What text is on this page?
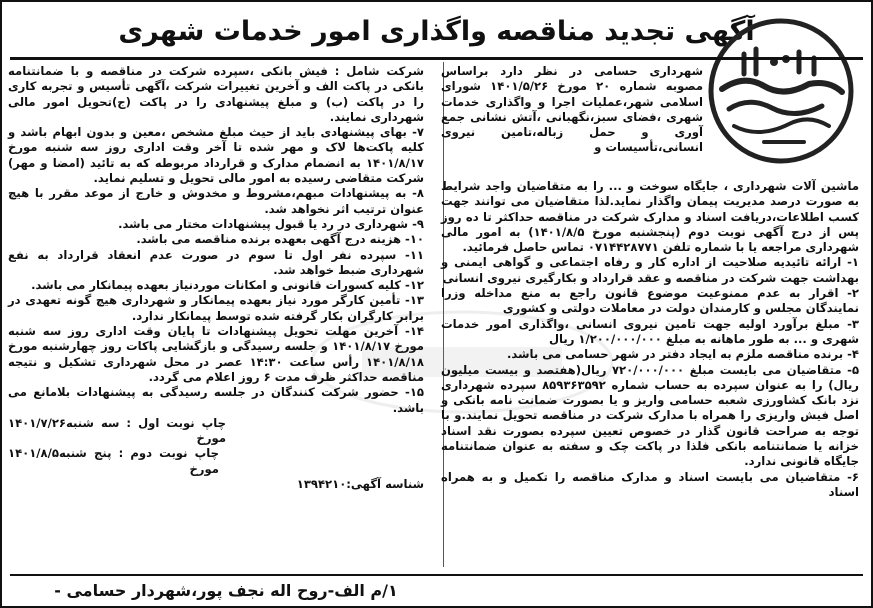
آگهی تجدید مناقصه واگذاری امور خدمات شهری

شهرداری حسامی در نظر دارد براساس مصوبه شماره ۲۰ مورخ ۱۴۰۱/۵/۲۶ شورای اسلامی شهر،عملیات اجرا و واگذاری خدمات شهری ،فضای سبز،نگهبانی ،آتش نشانی جمع آوری و حمل زباله،تامین نیروی انسانی،تأسیسات و

ماشین آلات شهرداری ، جایگاه سوخت و ... را به متقاضیان واجد شرایط به صورت درصد مدیریت پیمان واگذار نماید.لذا متقاضیان می توانند جهت کسب اطلاعات،دریافت اسناد و مدارک شرکت در مناقصه حداکثر تا ده روز پس از درج آگهی نوبت دوم (پنجشنبه مورخ ۱۴۰۱/۸/۵) به امور مالی شهرداری مراجعه یا با شماره تلفن ۰۷۱۴۴۲۸۷۷۱ تماس حاصل فرمائید.

۱- ارائه تائیدیه صلاحیت از اداره کار و رفاه اجتماعی و گواهی ایمنی و بهداشت جهت شرکت در مناقصه و عقد قرارداد و بکارگیری نیروی انسانی

۲- اقرار به عدم ممنوعیت موضوع قانون راجع به منع مداخله وزرا نمایندگان مجلس و کارمندان دولت در معاملات دولتی و کشوری

۳- مبلغ برآورد اولیه جهت تامین نیروی انسانی ،واگذاری امور خدمات شهری و ... به طور ماهانه به مبلغ ۱/۲۰۰/۰۰۰/۰۰۰ ریال

۴- برنده مناقصه ملزم به ایجاد دفتر در شهر حسامی می باشد.

۵- متقاضیان می بایست مبلغ ۷۲۰/۰۰۰/۰۰۰ ریال(هفتصد و بیست میلیون ریال) را به عنوان سپرده به حساب شماره ۸۵۹۳۶۳۵۹۲ سپرده شهرداری نزد بانک کشاورزی شعبه حسامی واریز و یا بصورت ضمانت نامه بانکی و اصل فیش واریزی را همراه با مدارک شرکت در مناقصه تحویل نمایند.و با توجه به صراحت قانون گذار در خصوص تعیین سپرده بصورت نقد اسناد خزانه یا ضمانتنامه بانکی فلذا در پاکت چک و سفته به عنوان ضمانتنامه جایگاه قانونی ندارد.

۶- متقاضیان می بایست اسناد و مدارک مناقصه را تکمیل و به همراه اسناد

شرکت شامل : فیش بانکی ،سپرده شرکت در مناقصه و با ضمانتنامه بانکی در پاکت الف و آخرین تغییرات شرکت ،آگهی تأسیس و تجربه کاری را در پاکت (ب) و مبلغ پیشنهادی را در پاکت (ج)تحویل امور مالی شهرداری نمایند.

۷- بهای پیشنهادی باید از حیث مبلغ مشخص ،معین و بدون ابهام باشد و کلیه پاکت‌ها لاک و مهر شده تا آخر وقت اداری روز سه شنبه مورخ ۱۴۰۱/۸/۱۷ به انضمام مدارک و قرارداد مربوطه که به تائید (امضا و مهر) شرکت متقاضی رسیده به امور مالی تحویل و تسلیم نماید.

۸- به پیشنهادات مبهم،مشروط و مخدوش و خارج از موعد مقرر با هیچ عنوان ترتیب اثر نخواهد شد.

۹- شهرداری در رد یا قبول پیشنهادات مختار می باشد.

۱۰- هزینه درج آگهی بعهده برنده مناقصه می باشد.

۱۱- سپرده نفر اول تا سوم در صورت عدم انعقاد قرارداد به نفع شهرداری ضبط خواهد شد.

۱۲- کلیه کسورات قانونی و امکانات موردنیاز بعهده پیمانکار می باشد.

۱۳- تأمین کارگر مورد نیاز بعهده پیمانکار و شهرداری هیچ گونه تعهدی در برابر کارگران بکار گرفته شده توسط پیمانکار ندارد.

۱۴- آخرین مهلت تحویل پیشنهادات تا پایان وقت اداری روز سه شنبه مورخ ۱۴۰۱/۸/۱۷ و جلسه رسیدگی و بازگشایی پاکات روز چهارشنبه مورخ ۱۴۰۱/۸/۱۸ رأس ساعت ۱۴:۳۰ عصر در محل شهرداری تشکیل و نتیجه مناقصه حداکثر ظرف مدت ۶ روز اعلام می گردد.

۱۵- حضور شرکت کنندگان در جلسه رسیدگی به پیشنهادات بلامانع می باشد.

چاپ نوبت اول : سه شنبه مورخ
۱۴۰۱/۷/۲۶
چاپ نوبت دوم : پنج شنبه مورخ
۱۴۰۱/۸/۵

شناسه آگهی:۱۳۹۴۲۱۰

۱/م الف-روح اله نجف پور،شهردار حسامی -
